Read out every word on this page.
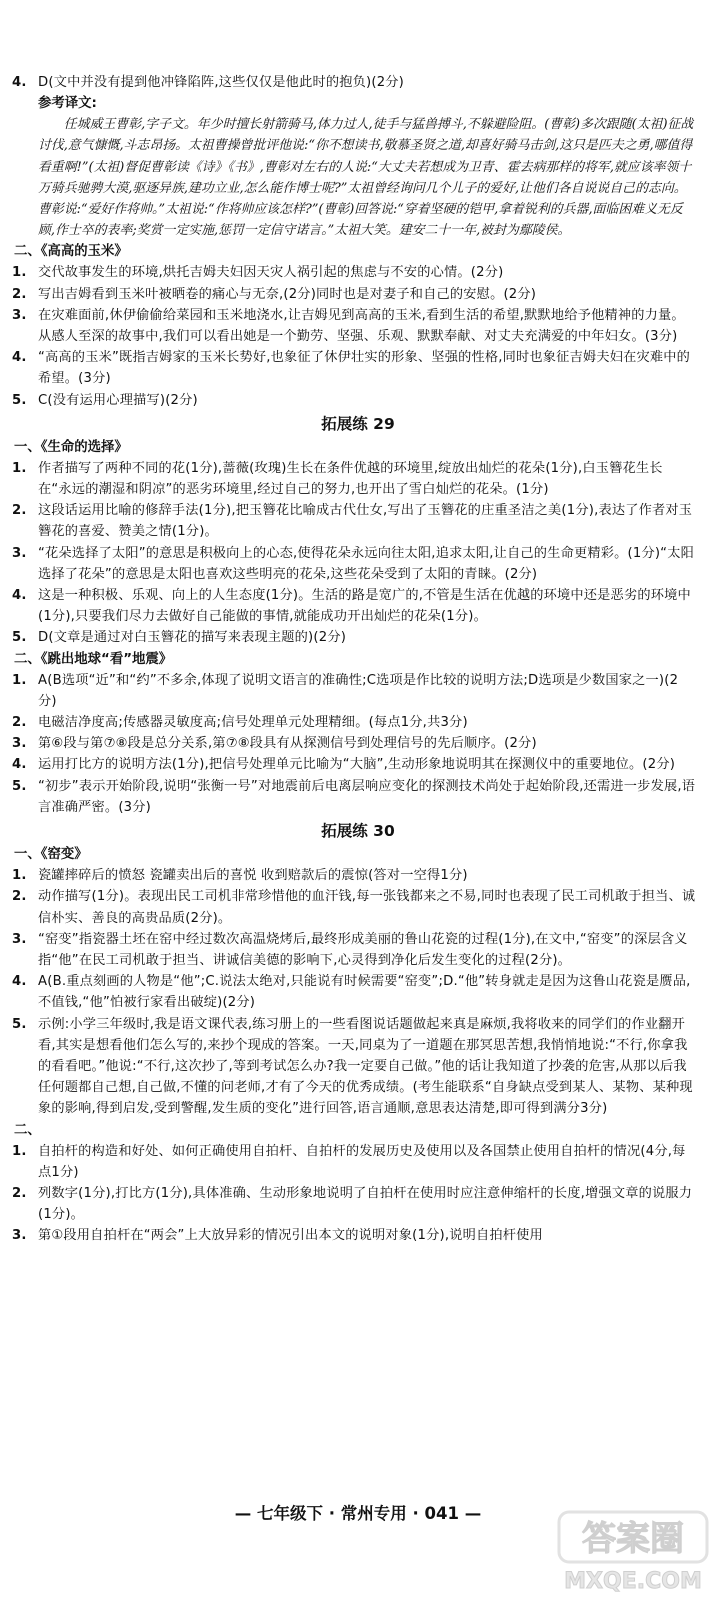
4. D(文中并没有提到他冲锋陷阵,这些仅仅是他此时的抱负)(2分)
参考译文:
任城威王曹彰,字子文。年少时擅长射箭骑马,体力过人,徒手与猛兽搏斗,不躲避险阻。(曹彰)多次跟随(太祖)征战讨伐,意气慷慨,斗志昂扬。太祖曹操曾批评他说:“你不想读书,敬慕圣贤之道,却喜好骑马击剑,这只是匹夫之勇,哪值得看重啊!”(太祖)督促曹彰读《诗》《书》,曹彰对左右的人说:“大丈夫若想成为卫青、霍去病那样的将军,就应该率领十万骑兵驰骋大漠,驱逐异族,建功立业,怎么能作博士呢?”太祖曾经询问几个儿子的爱好,让他们各自说说自己的志向。曹彰说:“爱好作将帅。”太祖说:“作将帅应该怎样?”(曹彰)回答说:“穿着坚硬的铠甲,拿着锐利的兵器,面临困难义无反顾,作士卒的表率;奖赏一定实施,惩罚一定信守诺言。”太祖大笑。建安二十一年,被封为鄢陵侯。
二、《高高的玉米》
1. 交代故事发生的环境,烘托吉姆夫妇因天灾人祸引起的焦虑与不安的心情。(2分)
2. 写出吉姆看到玉米叶被晒卷的痛心与无奈,(2分)同时也是对妻子和自己的安慰。(2分)
3. 在灾难面前,休伊偷偷给菜园和玉米地浇水,让吉姆见到高高的玉米,看到生活的希望,默默地给予他精神的力量。从感人至深的故事中,我们可以看出她是一个勤劳、坚强、乐观、默默奉献、对丈夫充满爱的中年妇女。(3分)
4. “高高的玉米”既指吉姆家的玉米长势好,也象征了休伊壮实的形象、坚强的性格,同时也象征吉姆夫妇在灾难中的希望。(3分)
5. C(没有运用心理描写)(2分)
拓展练 29
一、《生命的选择》
1. 作者描写了两种不同的花(1分),蔷薇(玫瑰)生长在条件优越的环境里,绽放出灿烂的花朵(1分),白玉簪花生长在“永远的潮湿和阴凉”的恶劣环境里,经过自己的努力,也开出了雪白灿烂的花朵。(1分)
2. 这段话运用比喻的修辞手法(1分),把玉簪花比喻成古代仕女,写出了玉簪花的庄重圣洁之美(1分),表达了作者对玉簪花的喜爱、赞美之情(1分)。
3. “花朵选择了太阳”的意思是积极向上的心态,使得花朵永远向往太阳,追求太阳,让自己的生命更精彩。(1分)“太阳选择了花朵”的意思是太阳也喜欢这些明亮的花朵,这些花朵受到了太阳的青睐。(2分)
4. 这是一种积极、乐观、向上的人生态度(1分)。生活的路是宽广的,不管是生活在优越的环境中还是恶劣的环境中(1分),只要我们尽力去做好自己能做的事情,就能成功开出灿烂的花朵(1分)。
5. D(文章是通过对白玉簪花的描写来表现主题的)(2分)
二、《跳出地球“看”地震》
1. A(B选项“近”和“约”不多余,体现了说明文语言的准确性;C选项是作比较的说明方法;D选项是少数国家之一)(2分)
2. 电磁洁净度高;传感器灵敏度高;信号处理单元处理精细。(每点1分,共3分)
3. 第⑥段与第⑦⑧段是总分关系,第⑦⑧段具有从探测信号到处理信号的先后顺序。(2分)
4. 运用打比方的说明方法(1分),把信号处理单元比喻为“大脑”,生动形象地说明其在探测仪中的重要地位。(2分)
5. “初步”表示开始阶段,说明“张衡一号”对地震前后电离层响应变化的探测技术尚处于起始阶段,还需进一步发展,语言准确严密。(3分)
拓展练 30
一、《窑变》
1. 瓷罐摔碎后的愤怒 瓷罐卖出后的喜悦 收到赔款后的震惊(答对一空得1分)
2. 动作描写(1分)。表现出民工司机非常珍惜他的血汗钱,每一张钱都来之不易,同时也表现了民工司机敢于担当、诚信朴实、善良的高贵品质(2分)。
3. “窑变”指瓷器土坯在窑中经过数次高温烧烤后,最终形成美丽的鲁山花瓷的过程(1分),在文中,“窑变”的深层含义指“他”在民工司机敢于担当、讲诚信美德的影响下,心灵得到净化后发生变化的过程(2分)。
4. A(B.重点刻画的人物是“他”;C.说法太绝对,只能说有时候需要“窑变”;D.“他”转身就走是因为这鲁山花瓷是赝品,不值钱,“他”怕被行家看出破绽)(2分)
5. 示例:小学三年级时,我是语文课代表,练习册上的一些看图说话题做起来真是麻烦,我将收来的同学们的作业翻开看,其实是想看他们怎么写的,来抄个现成的答案。一天,同桌为了一道题在那冥思苦想,我悄悄地说:“不行,你拿我的看看吧。”他说:“不行,这次抄了,等到考试怎么办?我一定要自己做。”他的话让我知道了抄袭的危害,从那以后我任何题都自己想,自己做,不懂的问老师,才有了今天的优秀成绩。(考生能联系“自身缺点受到某人、某物、某种现象的影响,得到启发,受到警醒,发生质的变化”进行回答,语言通顺,意思表达清楚,即可得到满分3分)
二、
1. 自拍杆的构造和好处、如何正确使用自拍杆、自拍杆的发展历史及使用以及各国禁止使用自拍杆的情况(4分,每点1分)
2. 列数字(1分),打比方(1分),具体准确、生动形象地说明了自拍杆在使用时应注意伸缩杆的长度,增强文章的说服力(1分)。
3. 第①段用自拍杆在“两会”上大放异彩的情况引出本文的说明对象(1分),说明自拍杆使用
— 七年级下 · 常州专用 · 041 —
答案圈
MXQE.COM
